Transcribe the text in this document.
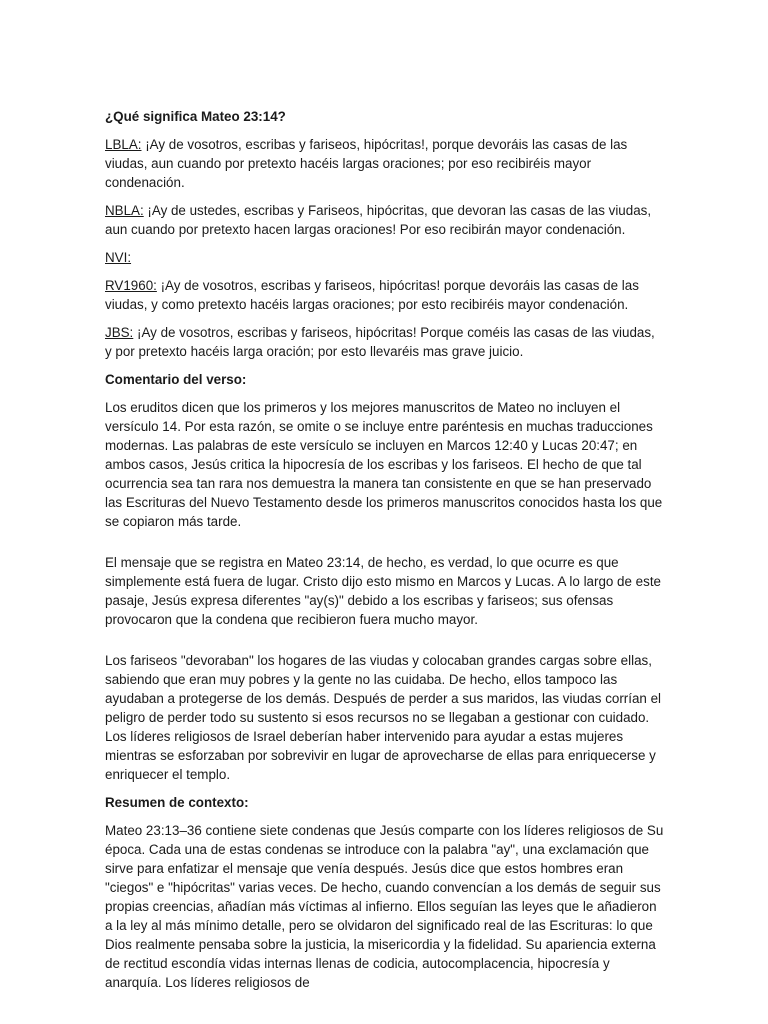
¿Qué significa Mateo 23:14?

LBLA: ¡Ay de vosotros, escribas y fariseos, hipócritas!, porque devoráis las casas de las viudas, aun cuando por pretexto hacéis largas oraciones; por eso recibiréis mayor condenación.

NBLA: ¡Ay de ustedes, escribas y Fariseos, hipócritas, que devoran las casas de las viudas, aun cuando por pretexto hacen largas oraciones! Por eso recibirán mayor condenación.

NVI:

RV1960: ¡Ay de vosotros, escribas y fariseos, hipócritas! porque devoráis las casas de las viudas, y como pretexto hacéis largas oraciones; por esto recibiréis mayor condenación.

JBS: ¡Ay de vosotros, escribas y fariseos, hipócritas! Porque coméis las casas de las viudas, y por pretexto hacéis larga oración; por esto llevaréis mas grave juicio.

Comentario del verso:

Los eruditos dicen que los primeros y los mejores manuscritos de Mateo no incluyen el versículo 14. Por esta razón, se omite o se incluye entre paréntesis en muchas traducciones modernas. Las palabras de este versículo se incluyen en Marcos 12:40 y Lucas 20:47; en ambos casos, Jesús critica la hipocresía de los escribas y los fariseos. El hecho de que tal ocurrencia sea tan rara nos demuestra la manera tan consistente en que se han preservado las Escrituras del Nuevo Testamento desde los primeros manuscritos conocidos hasta los que se copiaron más tarde.

El mensaje que se registra en Mateo 23:14, de hecho, es verdad, lo que ocurre es que simplemente está fuera de lugar. Cristo dijo esto mismo en Marcos y Lucas. A lo largo de este pasaje, Jesús expresa diferentes "ay(s)" debido a los escribas y fariseos; sus ofensas provocaron que la condena que recibieron fuera mucho mayor.

Los fariseos "devoraban" los hogares de las viudas y colocaban grandes cargas sobre ellas, sabiendo que eran muy pobres y la gente no las cuidaba. De hecho, ellos tampoco las ayudaban a protegerse de los demás. Después de perder a sus maridos, las viudas corrían el peligro de perder todo su sustento si esos recursos no se llegaban a gestionar con cuidado. Los líderes religiosos de Israel deberían haber intervenido para ayudar a estas mujeres mientras se esforzaban por sobrevivir en lugar de aprovecharse de ellas para enriquecerse y enriquecer el templo.

Resumen de contexto:

Mateo 23:13–36 contiene siete condenas que Jesús comparte con los líderes religiosos de Su época. Cada una de estas condenas se introduce con la palabra "ay", una exclamación que sirve para enfatizar el mensaje que venía después. Jesús dice que estos hombres eran "ciegos" e "hipócritas" varias veces. De hecho, cuando convencían a los demás de seguir sus propias creencias, añadían más víctimas al infierno. Ellos seguían las leyes que le añadieron a la ley al más mínimo detalle, pero se olvidaron del significado real de las Escrituras: lo que Dios realmente pensaba sobre la justicia, la misericordia y la fidelidad. Su apariencia externa de rectitud escondía vidas internas llenas de codicia, autocomplacencia, hipocresía y anarquía. Los líderes religiosos de
